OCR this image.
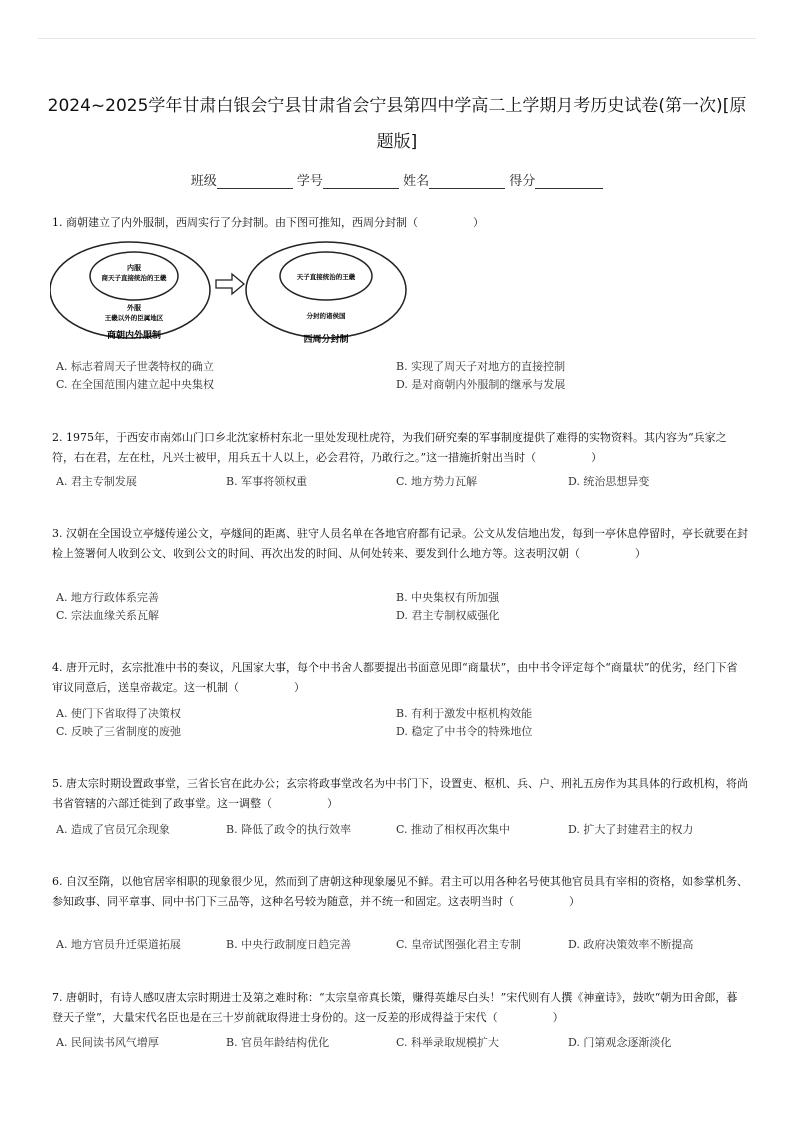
2024~2025学年甘肃白银会宁县甘肃省会宁县第四中学高二上学期月考历史试卷(第一次)[原题版]
班级	学号	姓名	得分
1. 商朝建立了内外服制，西周实行了分封制。由下图可推知，西周分封制（　　　　　）
内服
商天子直接统治的王畿
外服
王畿以外的臣属地区
商朝内外服制
天子直接统治的王畿
分封的诸侯国
西周分封制
A. 标志着周天子世袭特权的确立	B. 实现了周天子对地方的直接控制
C. 在全国范围内建立起中央集权	D. 是对商朝内外服制的继承与发展
2. 1975年，于西安市南郊山门口乡北沈家桥村东北一里处发现杜虎符，为我们研究秦的军事制度提供了难得的实物资料。其内容为“兵家之符，右在君，左在杜，凡兴士被甲，用兵五十人以上，必会君符，乃敢行之。”这一措施折射出当时（　　　　　）
A. 君主专制发展	B. 军事将领权重	C. 地方势力瓦解	D. 统治思想异变
3. 汉朝在全国设立亭燧传递公文，亭燧间的距离、驻守人员名单在各地官府都有记录。公文从发信地出发，每到一亭休息停留时，亭长就要在封检上签署何人收到公文、收到公文的时间、再次出发的时间、从何处转来、要发到什么地方等。这表明汉朝（　　　　　）
A. 地方行政体系完善	B. 中央集权有所加强
C. 宗法血缘关系瓦解	D. 君主专制权威强化
4. 唐开元时，玄宗批准中书的奏议，凡国家大事，每个中书舍人都要提出书面意见即“商量状”，由中书令评定每个“商量状”的优劣，经门下省审议同意后，送皇帝裁定。这一机制（　　　　　）
A. 使门下省取得了决策权	B. 有利于激发中枢机构效能
C. 反映了三省制度的废弛	D. 稳定了中书令的特殊地位
5. 唐太宗时期设置政事堂，三省长官在此办公；玄宗将政事堂改名为中书门下，设置吏、枢机、兵、户、刑礼五房作为其具体的行政机构，将尚书省管辖的六部迁徙到了政事堂。这一调整（　　　　　）
A. 造成了官员冗余现象	B. 降低了政令的执行效率	C. 推动了相权再次集中	D. 扩大了封建君主的权力
6. 自汉至隋，以他官居宰相职的现象很少见，然而到了唐朝这种现象屡见不鲜。君主可以用各种名号使其他官员具有宰相的资格，如参掌机务、参知政事、同平章事、同中书门下三品等，这种名号较为随意，并不统一和固定。这表明当时（　　　　　）
A. 地方官员升迁渠道拓展	B. 中央行政制度日趋完善	C. 皇帝试图强化君主专制	D. 政府决策效率不断提高
7. 唐朝时，有诗人感叹唐太宗时期进士及第之难时称：“太宗皇帝真长策，赚得英雄尽白头！”宋代则有人撰《神童诗》，鼓吹“朝为田舍郎，暮登天子堂”，大量宋代名臣也是在三十岁前就取得进士身份的。这一反差的形成得益于宋代（　　　　　）
A. 民间读书风气增厚	B. 官员年龄结构优化	C. 科举录取规模扩大	D. 门第观念逐渐淡化
